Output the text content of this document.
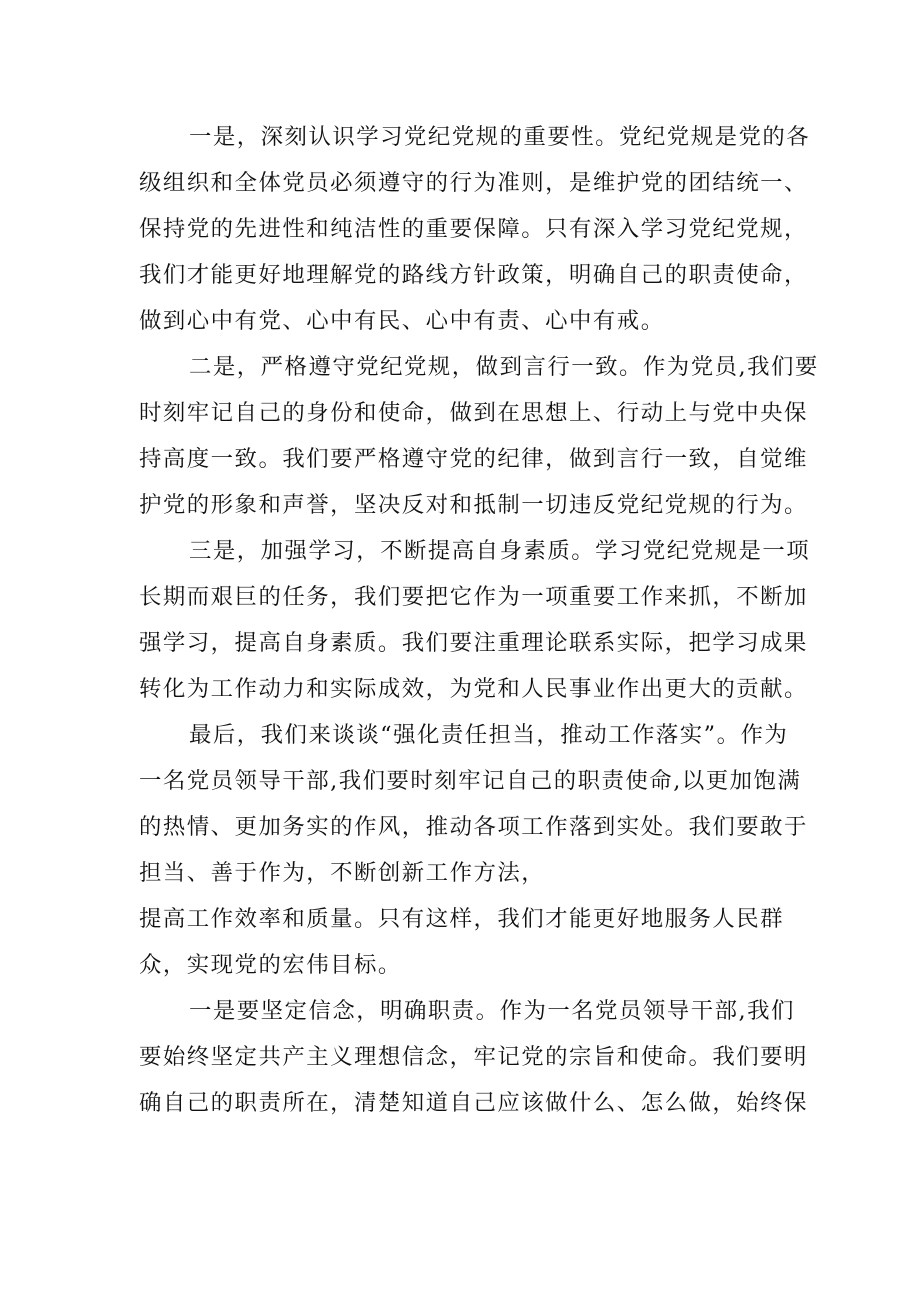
一是，深刻认识学习党纪党规的重要性。党纪党规是党的各
级组织和全体党员必须遵守的行为准则，是维护党的团结统一、
保持党的先进性和纯洁性的重要保障。只有深入学习党纪党规，
我们才能更好地理解党的路线方针政策，明确自己的职责使命，
做到心中有党、心中有民、心中有责、心中有戒。
二是，严格遵守党纪党规，做到言行一致。作为党员,我们要
时刻牢记自己的身份和使命，做到在思想上、行动上与党中央保
持高度一致。我们要严格遵守党的纪律，做到言行一致，自觉维
护党的形象和声誉，坚决反对和抵制一切违反党纪党规的行为。
三是，加强学习，不断提高自身素质。学习党纪党规是一项
长期而艰巨的任务，我们要把它作为一项重要工作来抓，不断加
强学习，提高自身素质。我们要注重理论联系实际，把学习成果
转化为工作动力和实际成效，为党和人民事业作出更大的贡献。
最后，我们来谈谈“强化责任担当，推动工作落实”。作为
一名党员领导干部,我们要时刻牢记自己的职责使命,以更加饱满
的热情、更加务实的作风，推动各项工作落到实处。我们要敢于
担当、善于作为，不断创新工作方法，
提高工作效率和质量。只有这样，我们才能更好地服务人民群
众，实现党的宏伟目标。
一是要坚定信念，明确职责。作为一名党员领导干部,我们
要始终坚定共产主义理想信念，牢记党的宗旨和使命。我们要明
确自己的职责所在，清楚知道自己应该做什么、怎么做，始终保
